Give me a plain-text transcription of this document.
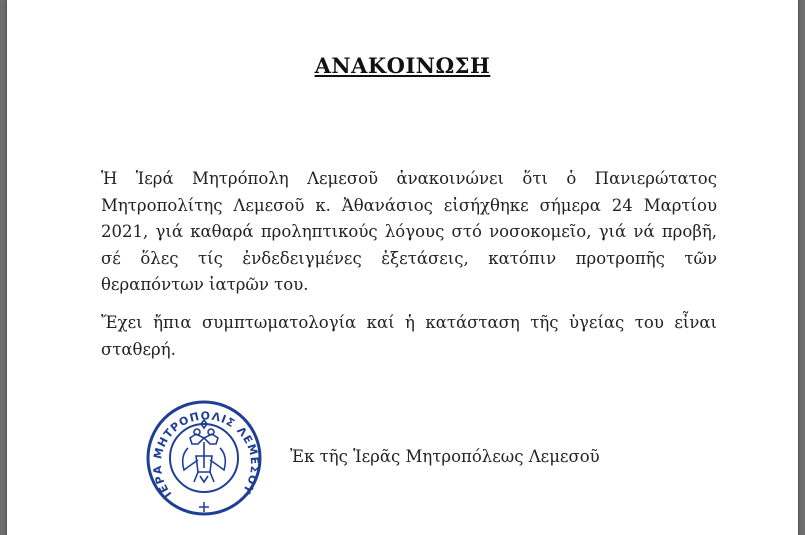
ΑΝΑΚΟΙΝΩΣΗ

Ἡ Ἱερά Μητρόπολη Λεμεσοῦ ἀνακοινώνει ὅτι ὁ Πανιερώτατος Μητροπολίτης Λεμεσοῦ κ. Ἀθανάσιος εἰσήχθηκε σήμερα 24 Μαρτίου 2021, γιά καθαρά προληπτικούς λόγους στό νοσοκομεῖο, γιά νά προβῆ, σέ ὅλες τίς ἐνδεδειγμένες ἐξετάσεις, κατόπιν προτροπῆς τῶν θεραπόντων ἰατρῶν του.

Ἔχει ἤπια συμπτωματολογία καί ἡ κατάσταση τῆς ὑγείας του εἶναι σταθερή.

ΙΕΡΑ ΜΗΤΡΟΠΟΛΙΣ ΛΕΜΕΣΟΥ
Ἐκ τῆς Ἱερᾶς Μητροπόλεως Λεμεσοῦ
